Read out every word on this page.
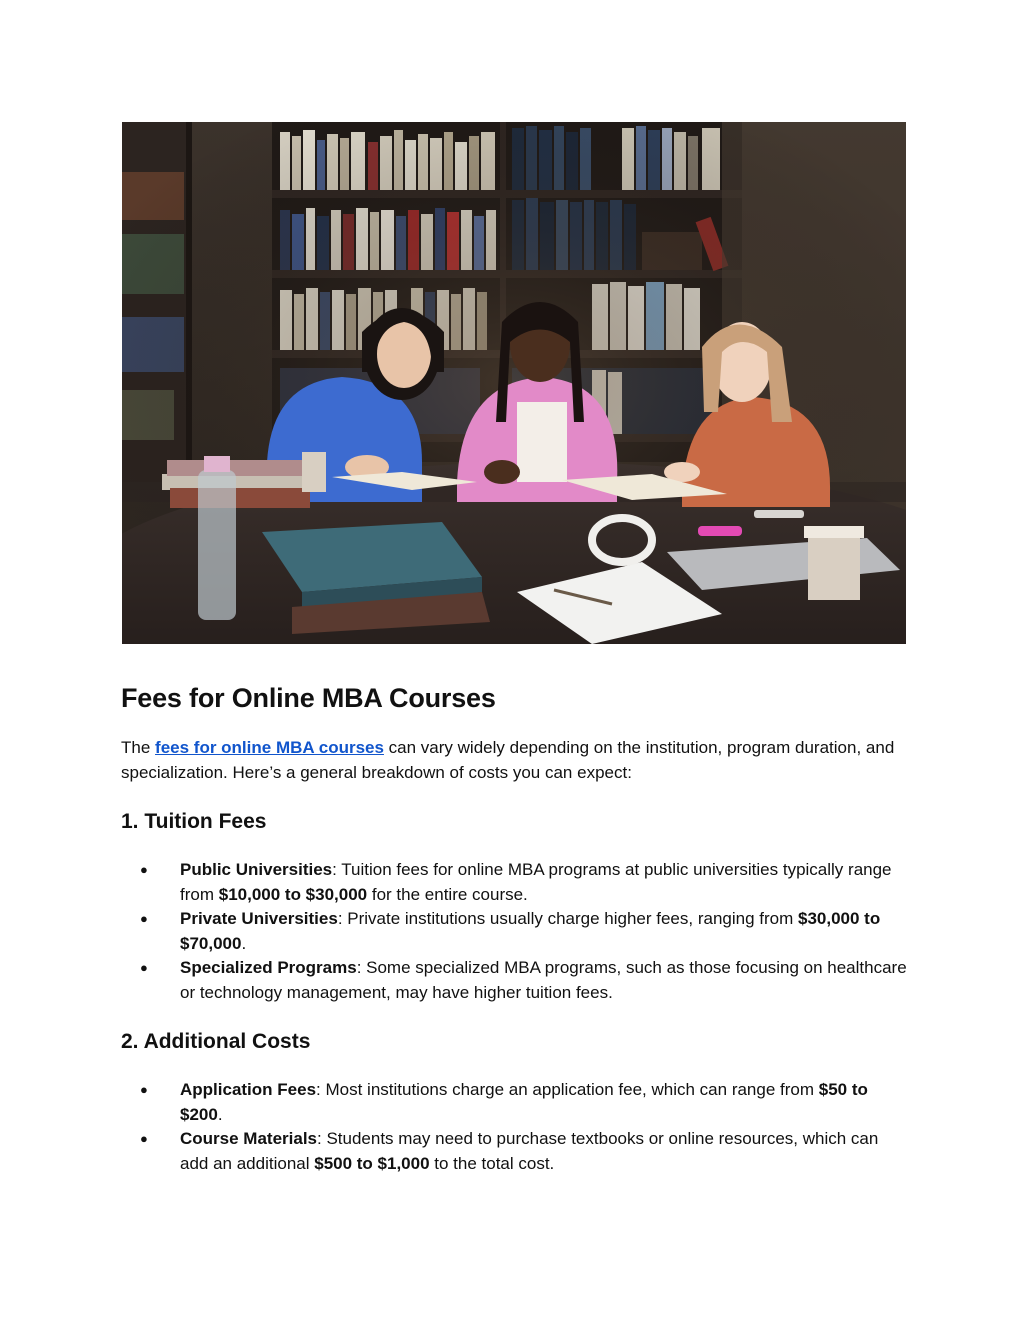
Fees for Online MBA Courses

The fees for online MBA courses can vary widely depending on the institution, program duration, and specialization. Here’s a general breakdown of costs you can expect:

1. Tuition Fees
● Public Universities: Tuition fees for online MBA programs at public universities typically range from $10,000 to $30,000 for the entire course.
● Private Universities: Private institutions usually charge higher fees, ranging from $30,000 to $70,000.
● Specialized Programs: Some specialized MBA programs, such as those focusing on healthcare or technology management, may have higher tuition fees.
2. Additional Costs
● Application Fees: Most institutions charge an application fee, which can range from $50 to $200.
● Course Materials: Students may need to purchase textbooks or online resources, which can add an additional $500 to $1,000 to the total cost.
